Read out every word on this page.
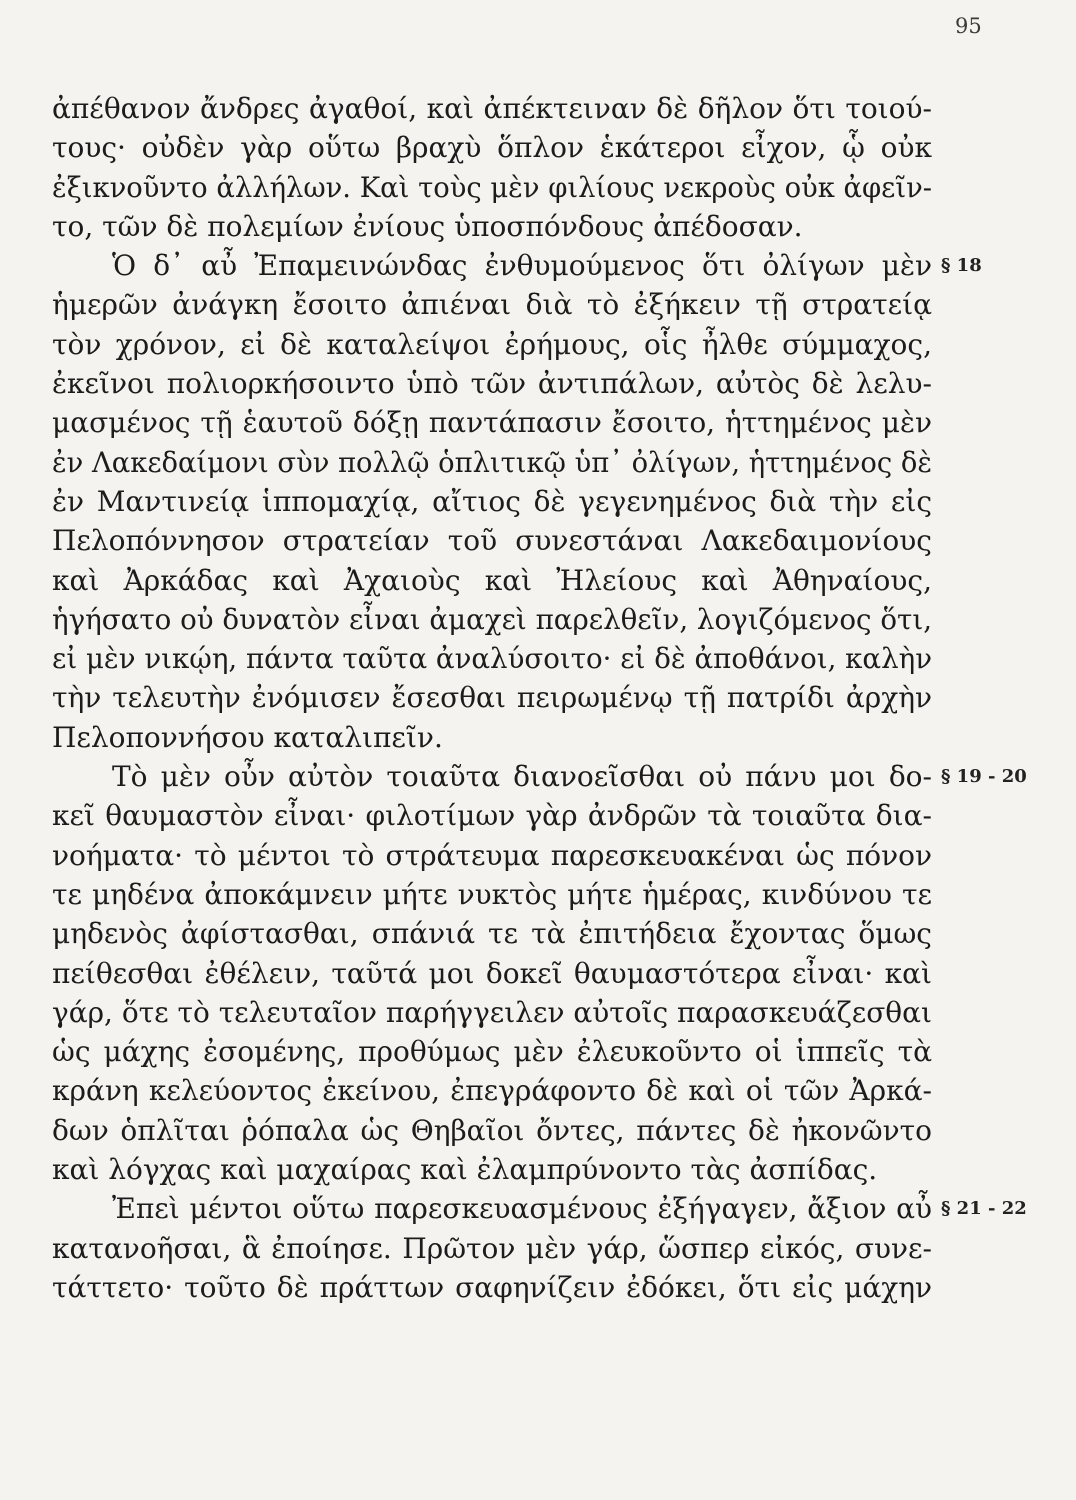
95
ἀπέθανον ἄνδρες ἀγαθοί, καὶ ἀπέκτειναν δὲ δῆλον ὅτι τοιού-
τους· οὐδὲν γὰρ οὕτω βραχὺ ὅπλον ἑκάτεροι εἶχον, ᾧ οὐκ
ἐξικνοῦντο ἀλλήλων. Καὶ τοὺς μὲν φιλίους νεκροὺς οὐκ ἀφεῖν-
το, τῶν δὲ πολεμίων ἐνίους ὑποσπόνδους ἀπέδοσαν.
Ὁ δ᾽ αὖ Ἐπαμεινώνδας ἐνθυμούμενος ὅτι ὀλίγων μὲν § 18
ἡμερῶν ἀνάγκη ἔσοιτο ἀπιέναι διὰ τὸ ἐξήκειν τῇ στρατείᾳ
τὸν χρόνον, εἰ δὲ καταλείψοι ἐρήμους, οἷς ἦλθε σύμμαχος,
ἐκεῖνοι πολιορκήσοιντο ὑπὸ τῶν ἀντιπάλων, αὐτὸς δὲ λελυ-
μασμένος τῇ ἑαυτοῦ δόξῃ παντάπασιν ἔσοιτο, ἡττημένος μὲν
ἐν Λακεδαίμονι σὺν πολλῷ ὁπλιτικῷ ὑπ᾽ ὀλίγων, ἡττημένος δὲ
ἐν Μαντινείᾳ ἱππομαχίᾳ, αἴτιος δὲ γεγενημένος διὰ τὴν εἰς
Πελοπόννησον στρατείαν τοῦ συνεστάναι Λακεδαιμονίους
καὶ Ἀρκάδας καὶ Ἀχαιοὺς καὶ Ἠλείους καὶ Ἀθηναίους,
ἡγήσατο οὐ δυνατὸν εἶναι ἀμαχεὶ παρελθεῖν, λογιζόμενος ὅτι,
εἰ μὲν νικῴη, πάντα ταῦτα ἀναλύσοιτο· εἰ δὲ ἀποθάνοι, καλὴν
τὴν τελευτὴν ἐνόμισεν ἔσεσθαι πειρωμένῳ τῇ πατρίδι ἀρχὴν
Πελοποννήσου καταλιπεῖν.
Τὸ μὲν οὖν αὐτὸν τοιαῦτα διανοεῖσθαι οὐ πάνυ μοι δο- § 19 - 20
κεῖ θαυμαστὸν εἶναι· φιλοτίμων γὰρ ἀνδρῶν τὰ τοιαῦτα δια-
νοήματα· τὸ μέντοι τὸ στράτευμα παρεσκευακέναι ὡς πόνον
τε μηδένα ἀποκάμνειν μήτε νυκτὸς μήτε ἡμέρας, κινδύνου τε
μηδενὸς ἀφίστασθαι, σπάνιά τε τὰ ἐπιτήδεια ἔχοντας ὅμως
πείθεσθαι ἐθέλειν, ταῦτά μοι δοκεῖ θαυμαστότερα εἶναι· καὶ
γάρ, ὅτε τὸ τελευταῖον παρήγγειλεν αὐτοῖς παρασκευάζεσθαι
ὡς μάχης ἐσομένης, προθύμως μὲν ἐλευκοῦντο οἱ ἱππεῖς τὰ
κράνη κελεύοντος ἐκείνου, ἐπεγράφοντο δὲ καὶ οἱ τῶν Ἀρκά-
δων ὁπλῖται ῥόπαλα ὡς Θηβαῖοι ὄντες, πάντες δὲ ἠκονῶντο
καὶ λόγχας καὶ μαχαίρας καὶ ἐλαμπρύνοντο τὰς ἀσπίδας.
Ἐπεὶ μέντοι οὕτω παρεσκευασμένους ἐξήγαγεν, ἄξιον αὖ § 21 - 22
κατανοῆσαι, ἃ ἐποίησε. Πρῶτον μὲν γάρ, ὥσπερ εἰκός, συνε-
τάττετο· τοῦτο δὲ πράττων σαφηνίζειν ἐδόκει, ὅτι εἰς μάχην
